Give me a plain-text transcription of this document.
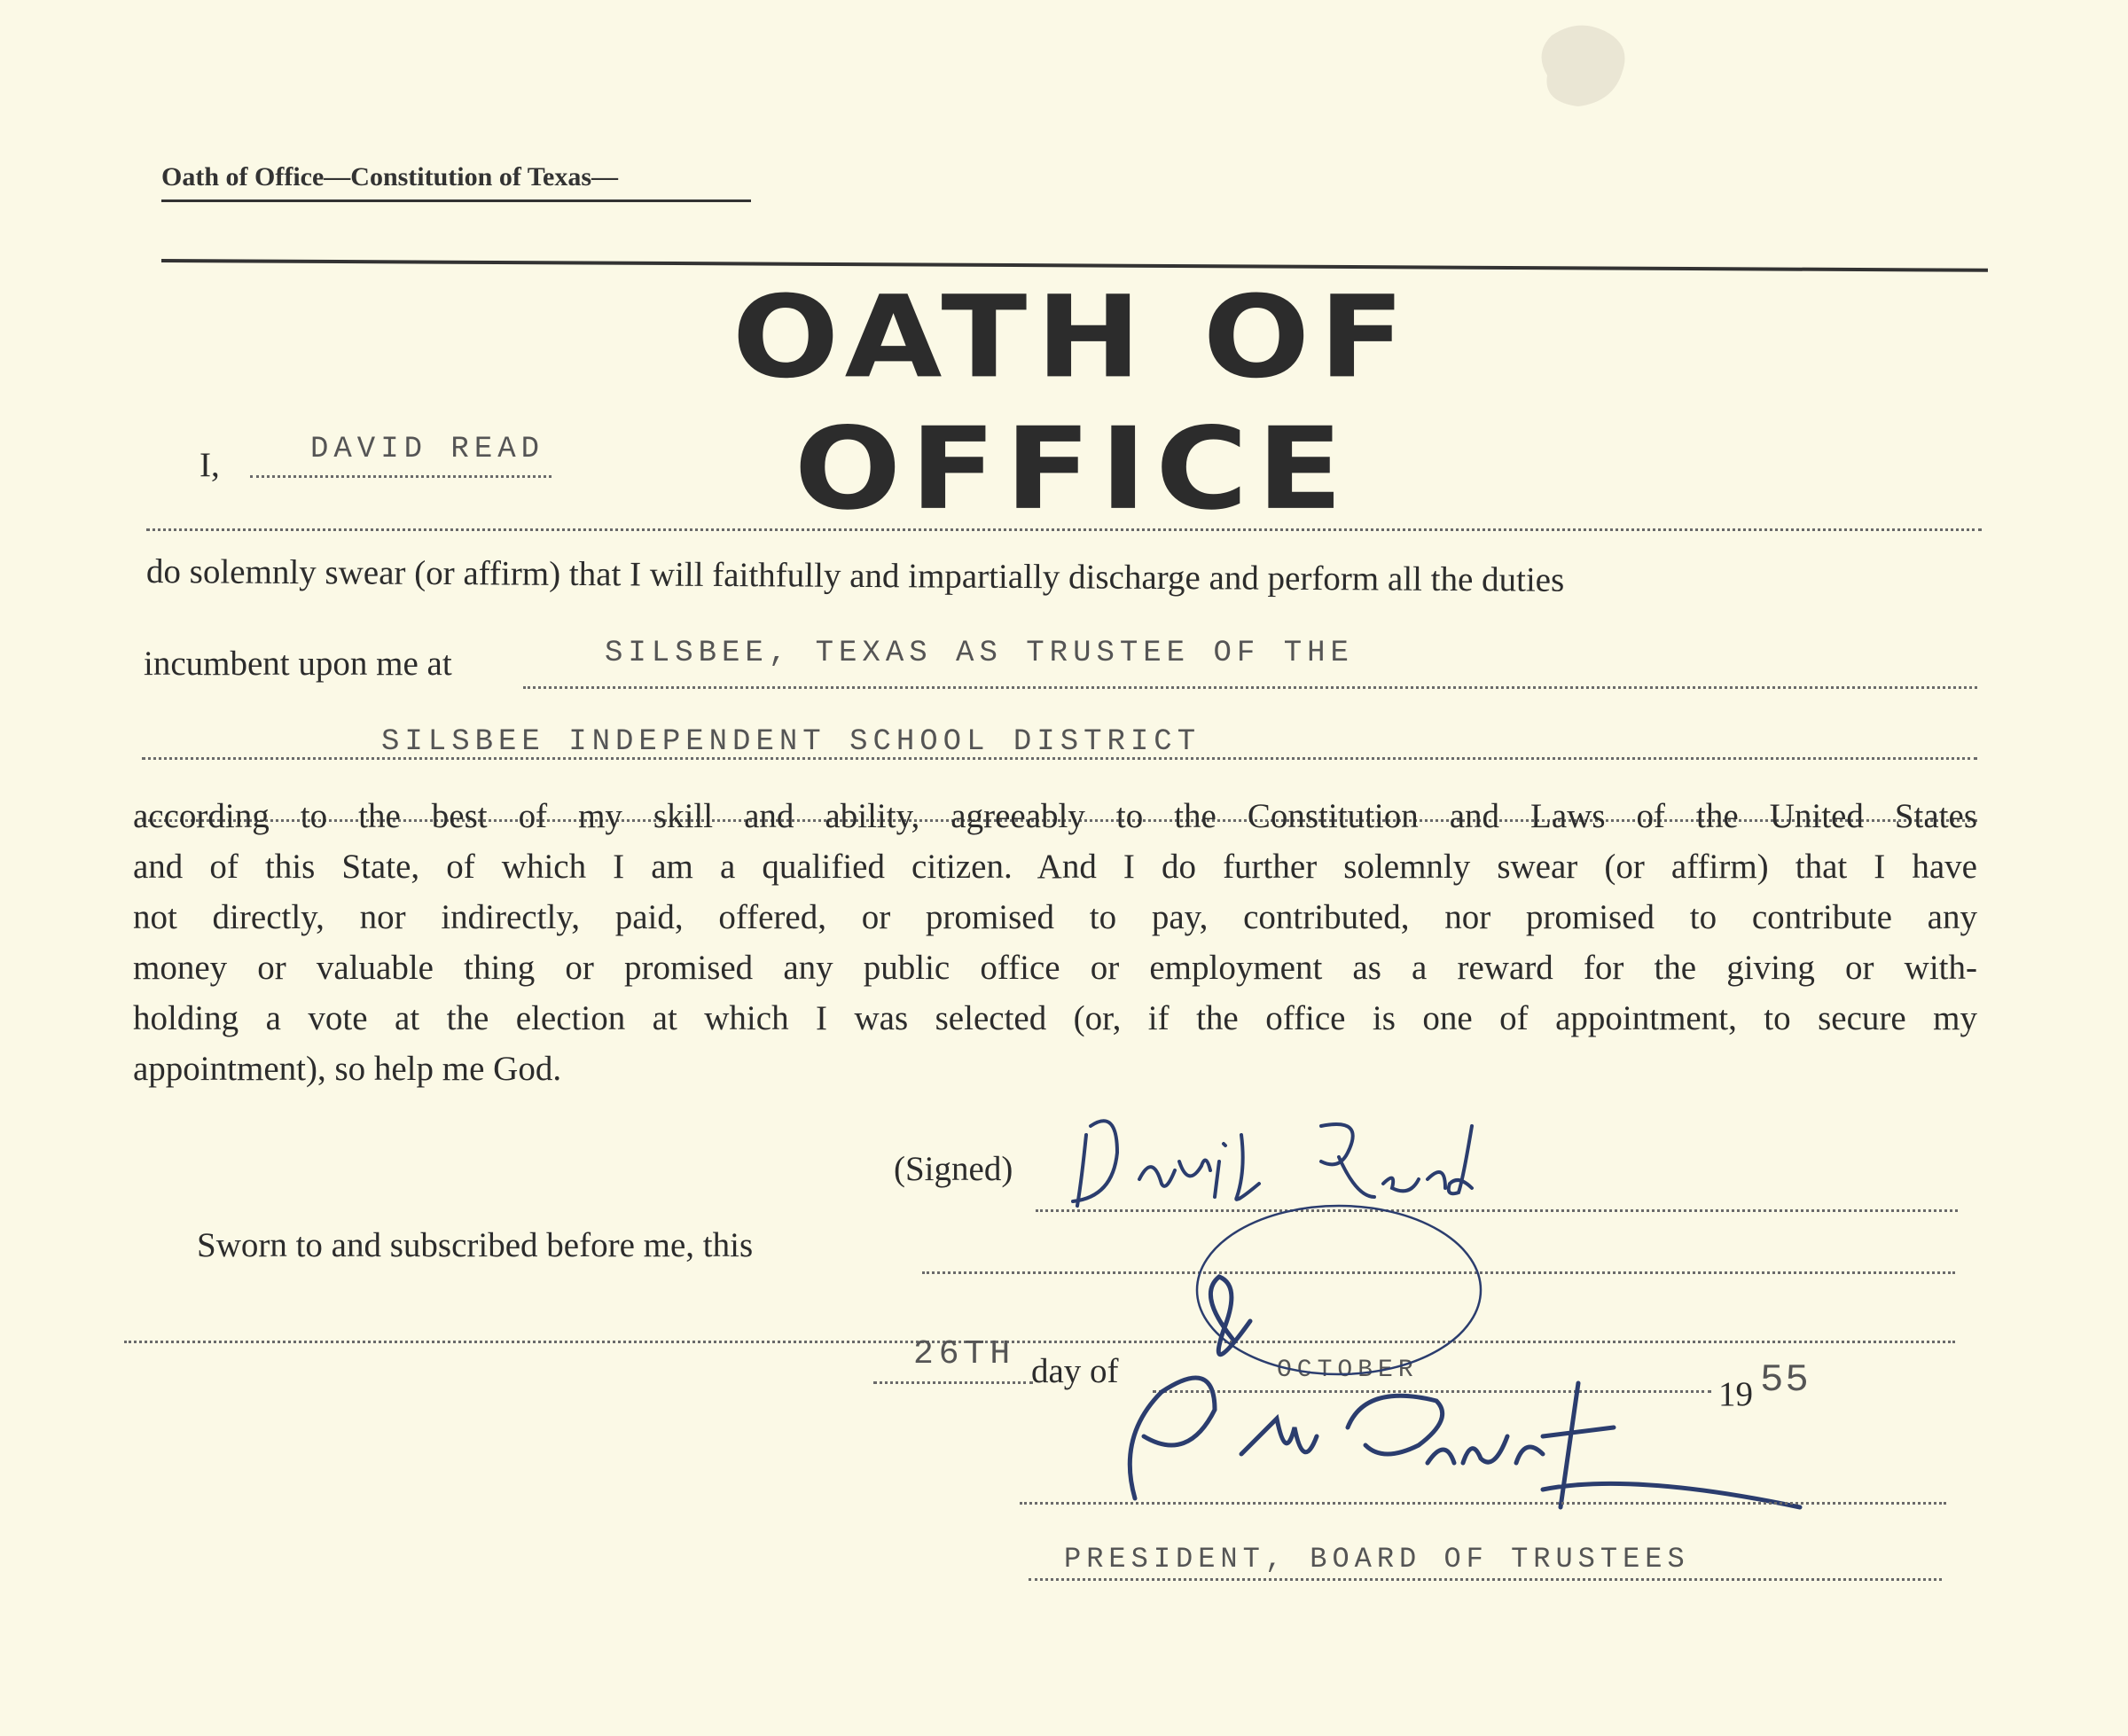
Oath of Office—Constitution of Texas—
OATH OF OFFICE
I,	DAVID READ
do solemnly swear (or affirm) that I will faithfully and impartially discharge and perform all the duties
incumbent upon me at	SILSBEE, TEXAS AS TRUSTEE OF THE
SILSBEE INDEPENDENT SCHOOL DISTRICT
according to the best of my skill and ability, agreeably to the Constitution and Laws of the United States
and of this State, of which I am a qualified citizen. And I do further solemnly swear (or affirm) that I have
not directly, nor indirectly, paid, offered, or promised to pay, contributed, nor promised to contribute any
money or valuable thing or promised any public office or employment as a reward for the giving or with-
holding a vote at the election at which I was selected (or, if the office is one of appointment, to secure my
appointment), so help me God.
(Signed)
Sworn to and subscribed before me, this
26TH day of	OCTOBER
19 55
PRESIDENT, BOARD OF TRUSTEES
